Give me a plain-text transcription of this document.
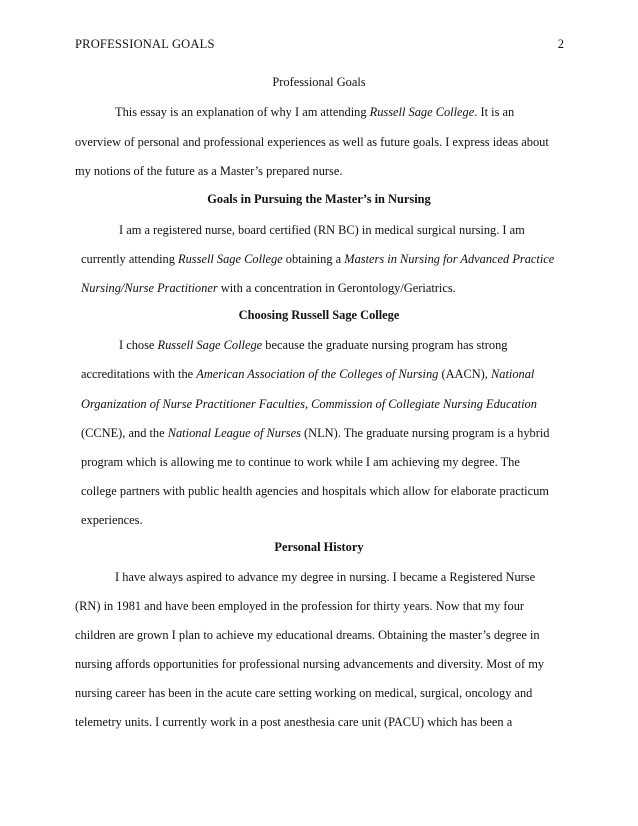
PROFESSIONAL GOALS	2
Professional Goals
This essay is an explanation of why I am attending Russell Sage College. It is an
overview of personal and professional experiences as well as future goals. I express ideas about
my notions of the future as a Master’s prepared nurse.
Goals in Pursuing the Master’s in Nursing
I am a registered nurse, board certified (RN BC) in medical surgical nursing. I am
currently attending Russell Sage College obtaining a Masters in Nursing for Advanced Practice
Nursing/Nurse Practitioner with a concentration in Gerontology/Geriatrics.
Choosing Russell Sage College
I chose Russell Sage College because the graduate nursing program has strong
accreditations with the American Association of the Colleges of Nursing (AACN), National
Organization of Nurse Practitioner Faculties, Commission of Collegiate Nursing Education
(CCNE), and the National League of Nurses (NLN). The graduate nursing program is a hybrid
program which is allowing me to continue to work while I am achieving my degree. The
college partners with public health agencies and hospitals which allow for elaborate practicum
experiences.
Personal History
I have always aspired to advance my degree in nursing. I became a Registered Nurse
(RN) in 1981 and have been employed in the profession for thirty years. Now that my four
children are grown I plan to achieve my educational dreams. Obtaining the master’s degree in
nursing affords opportunities for professional nursing advancements and diversity. Most of my
nursing career has been in the acute care setting working on medical, surgical, oncology and
telemetry units. I currently work in a post anesthesia care unit (PACU) which has been a
